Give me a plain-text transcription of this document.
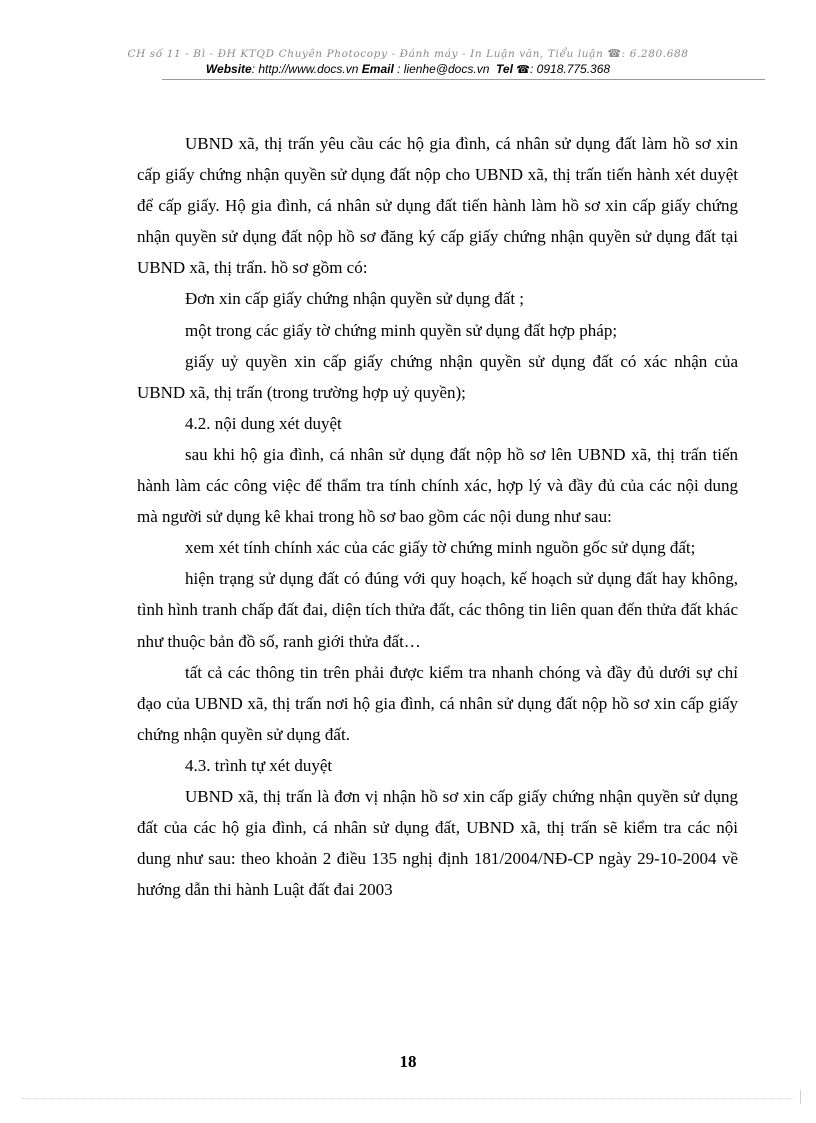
CH số 11 - Bì - ĐH KTQD Chuyên Photocopy - Đánh máy - In Luận văn, Tiểu luận ☎: 6.280.688
Website: http://www.docs.vn Email : lienhe@docs.vn Tel ☎: 0918.775.368

UBND xã, thị trấn yêu cầu các hộ gia đình, cá nhân sử dụng đất làm hồ sơ xin cấp giấy chứng nhận quyền sử dụng đất nộp cho UBND xã, thị trấn tiến hành xét duyệt để cấp giấy. Hộ gia đình, cá nhân sử dụng đất tiến hành làm hồ sơ xin cấp giấy chứng nhận quyền sử dụng đất nộp hồ sơ đăng ký cấp giấy chứng nhận quyền sử dụng đất tại UBND xã, thị trấn. hồ sơ gồm có:

Đơn xin cấp giấy chứng nhận quyền sử dụng đất ;

một trong các giấy tờ chứng minh quyền sử dụng đất hợp pháp;

giấy uỷ quyền xin cấp giấy chứng nhận quyền sử dụng đất có xác nhận của UBND xã, thị trấn (trong trường hợp uỷ quyền);

4.2. nội dung xét duyệt

sau khi hộ gia đình, cá nhân sử dụng đất nộp hồ sơ lên UBND xã, thị trấn tiến hành làm các công việc để thẩm tra tính chính xác, hợp lý và đầy đủ của các nội dung mà người sử dụng kê khai trong hồ sơ bao gồm các nội dung như sau:

xem xét tính chính xác của các giấy tờ chứng minh nguồn gốc sử dụng đất;

hiện trạng sử dụng đất có đúng với quy hoạch, kế hoạch sử dụng đất hay không, tình hình tranh chấp đất đai, diện tích thửa đất, các thông tin liên quan đến thửa đất khác như thuộc bản đồ số, ranh giới thửa đất…

tất cả các thông tin trên phải được kiểm tra nhanh chóng và đầy đủ dưới sự chỉ đạo của UBND xã, thị trấn nơi hộ gia đình, cá nhân sử dụng đất nộp hồ sơ xin cấp giấy chứng nhận quyền sử dụng đất.

4.3. trình tự xét duyệt

UBND xã, thị trấn là đơn vị nhận hồ sơ xin cấp giấy chứng nhận quyền sử dụng đất của các hộ gia đình, cá nhân sử dụng đất, UBND xã, thị trấn sẽ kiểm tra các nội dung như sau: theo khoản 2 điều 135 nghị định 181/2004/NĐ-CP ngày 29-10-2004 về hướng dẫn thi hành Luật đất đai 2003

18
